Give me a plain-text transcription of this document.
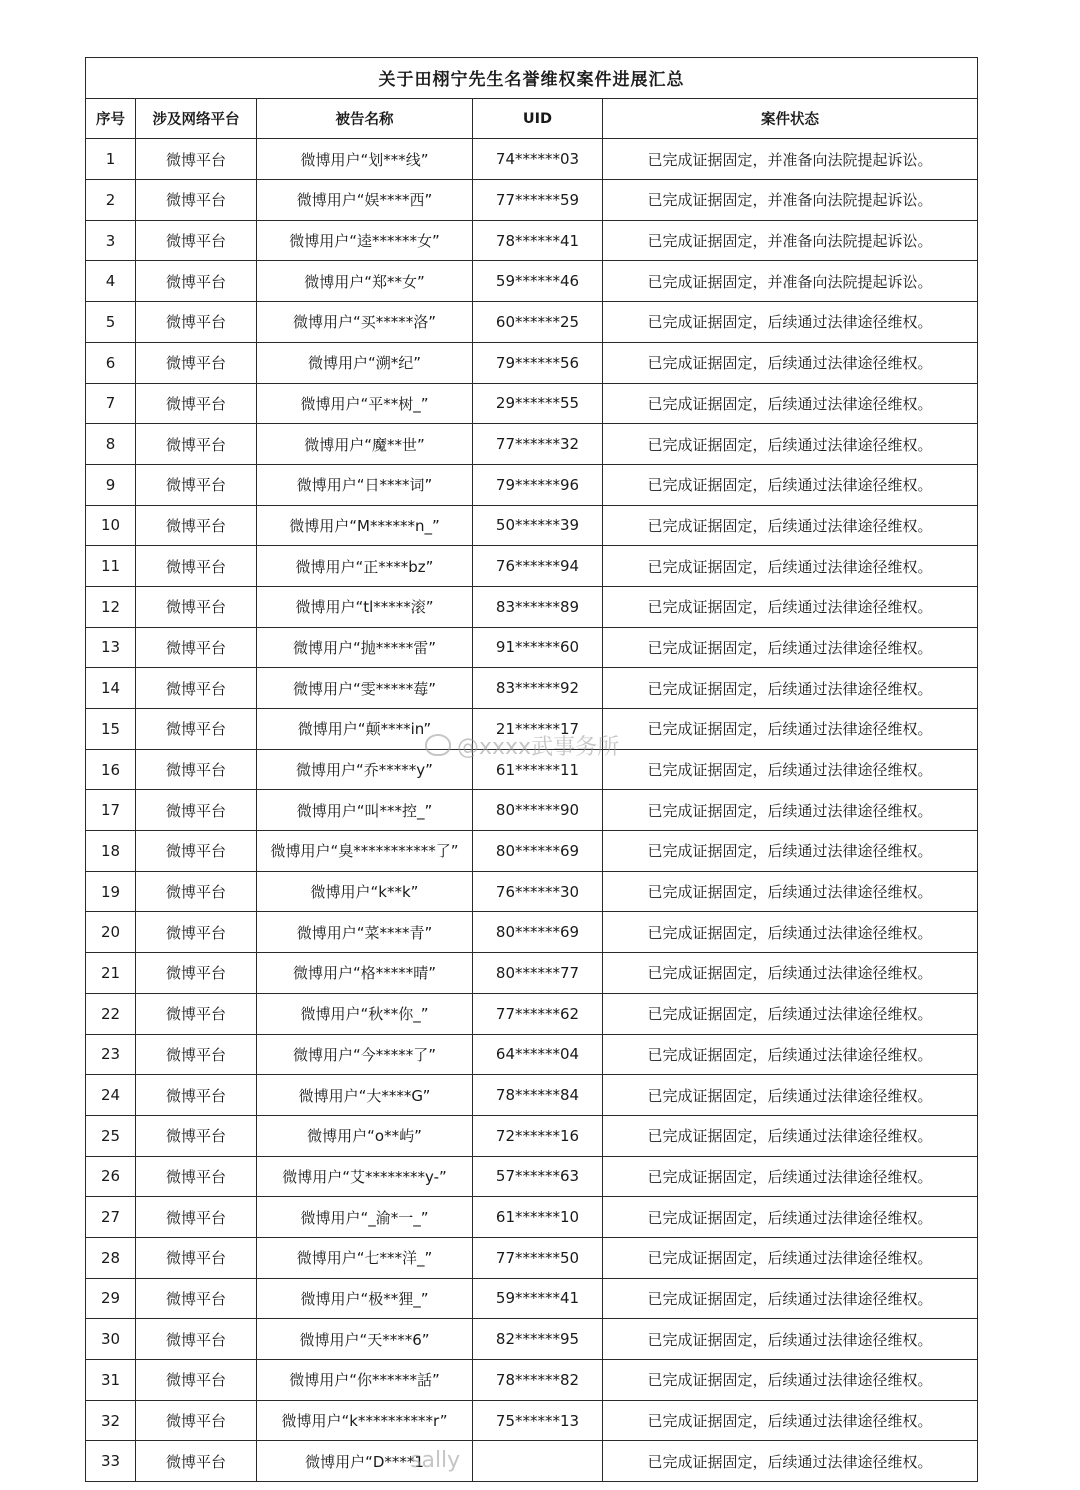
关于田栩宁先生名誉维权案件进展汇总				
序号	涉及网络平台	被告名称	UID	案件状态
1	微博平台	微博用户“划***线”	74******03	已完成证据固定，并准备向法院提起诉讼。
2	微博平台	微博用户“娱****西”	77******59	已完成证据固定，并准备向法院提起诉讼。
3	微博平台	微博用户“逵******女”	78******41	已完成证据固定，并准备向法院提起诉讼。
4	微博平台	微博用户“郑**女”	59******46	已完成证据固定，并准备向法院提起诉讼。
5	微博平台	微博用户“买*****洛”	60******25	已完成证据固定，后续通过法律途径维权。
6	微博平台	微博用户“溯*纪”	79******56	已完成证据固定，后续通过法律途径维权。
7	微博平台	微博用户“平**树_”	29******55	已完成证据固定，后续通过法律途径维权。
8	微博平台	微博用户“魔**世”	77******32	已完成证据固定，后续通过法律途径维权。
9	微博平台	微博用户“日****词”	79******96	已完成证据固定，后续通过法律途径维权。
10	微博平台	微博用户“M******n_”	50******39	已完成证据固定，后续通过法律途径维权。
11	微博平台	微博用户“正****bz”	76******94	已完成证据固定，后续通过法律途径维权。
12	微博平台	微博用户“tl*****滚”	83******89	已完成证据固定，后续通过法律途径维权。
13	微博平台	微博用户“抛*****雷”	91******60	已完成证据固定，后续通过法律途径维权。
14	微博平台	微博用户“雯*****莓”	83******92	已完成证据固定，后续通过法律途径维权。
15	微博平台	微博用户“颠****in”	21******17	已完成证据固定，后续通过法律途径维权。
16	微博平台	微博用户“乔*****y”	61******11	已完成证据固定，后续通过法律途径维权。
17	微博平台	微博用户“叫***控_”	80******90	已完成证据固定，后续通过法律途径维权。
18	微博平台	微博用户“臭***********了”	80******69	已完成证据固定，后续通过法律途径维权。
19	微博平台	微博用户“k**k”	76******30	已完成证据固定，后续通过法律途径维权。
20	微博平台	微博用户“菜****青”	80******69	已完成证据固定，后续通过法律途径维权。
21	微博平台	微博用户“格*****晴”	80******77	已完成证据固定，后续通过法律途径维权。
22	微博平台	微博用户“秋**你_”	77******62	已完成证据固定，后续通过法律途径维权。
23	微博平台	微博用户“今*****了”	64******04	已完成证据固定，后续通过法律途径维权。
24	微博平台	微博用户“大****G”	78******84	已完成证据固定，后续通过法律途径维权。
25	微博平台	微博用户“o**屿”	72******16	已完成证据固定，后续通过法律途径维权。
26	微博平台	微博用户“艾********y-”	57******63	已完成证据固定，后续通过法律途径维权。
27	微博平台	微博用户“_渝*一_”	61******10	已完成证据固定，后续通过法律途径维权。
28	微博平台	微博用户“七***洋_”	77******50	已完成证据固定，后续通过法律途径维权。
29	微博平台	微博用户“极**狸_”	59******41	已完成证据固定，后续通过法律途径维权。
30	微博平台	微博用户“天****6”	82******95	已完成证据固定，后续通过法律途径维权。
31	微博平台	微博用户“你******話”	78******82	已完成证据固定，后续通过法律途径维权。
32	微博平台	微博用户“k**********r”	75******13	已完成证据固定，后续通过法律途径维权。
33	微博平台	微博用户“D****1		已完成证据固定，后续通过法律途径维权。
@xxxx武事务所
sally
